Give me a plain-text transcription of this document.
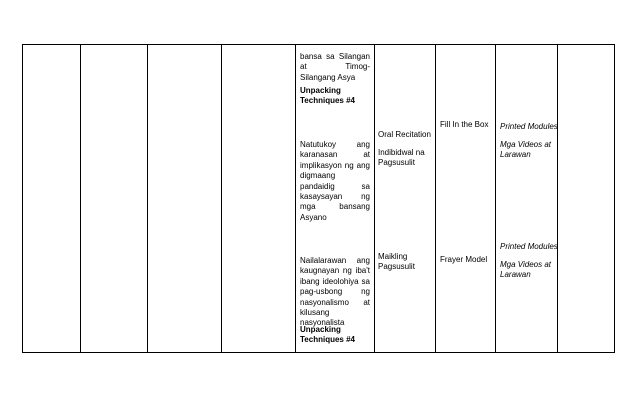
bansa sa Silangan at Timog- Silangang Asya
Unpacking Techniques #4
Natutukoy ang karanasan at implikasyon ng ang digmaang pandaidig sa kasaysayan ng mga bansang Asyano
Nailalarawan ang kaugnayan ng iba't ibang ideolohiya sa pag-usbong ng nasyonalismo at kilusang nasyonalista
Unpacking Techniques #4
Oral Recitation
Indibidwal na Pagsusulit
Maikling Pagsusulit
Fill In the Box
Frayer Model
Printed Modules
Mga Videos at Larawan
Printed Modules
Mga Videos at Larawan
